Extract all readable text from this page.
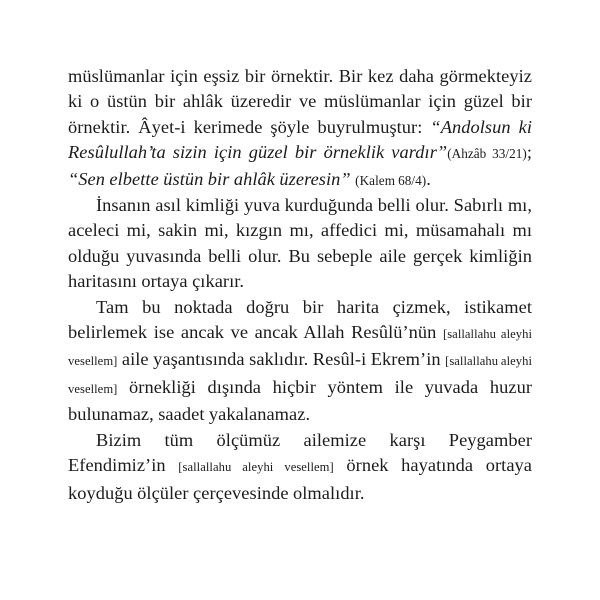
müslümanlar için eşsiz bir örnektir. Bir kez daha görmekteyiz ki o üstün bir ahlâk üzeredir ve müslümanlar için güzel bir örnektir. Âyet-i kerimede şöyle buyrulmuştur: “Andolsun ki Resûlullah’ta sizin için güzel bir örneklik vardır”(Ahzâb 33/21); “Sen elbette üstün bir ahlâk üzeresin” (Kalem 68/4).

İnsanın asıl kimliği yuva kurduğunda belli olur. Sabırlı mı, aceleci mi, sakin mi, kızgın mı, affedici mi, müsamahalı mı olduğu yuvasında belli olur. Bu sebeple aile gerçek kimliğin haritasını ortaya çıkarır.

Tam bu noktada doğru bir harita çizmek, istikamet belirlemek ise ancak ve ancak Allah Resûlü’nün [sallallahu aleyhi vesellem] aile yaşantısında saklıdır. Resûl-i Ekrem’in [sallallahu aleyhi vesellem] örnekliği dışında hiçbir yöntem ile yuvada huzur bulunamaz, saadet yakalanamaz.

Bizim tüm ölçümüz ailemize karşı Peygamber Efendimiz’in [sallallahu aleyhi vesellem] örnek hayatında ortaya koyduğu ölçüler çerçevesinde olmalıdır.
